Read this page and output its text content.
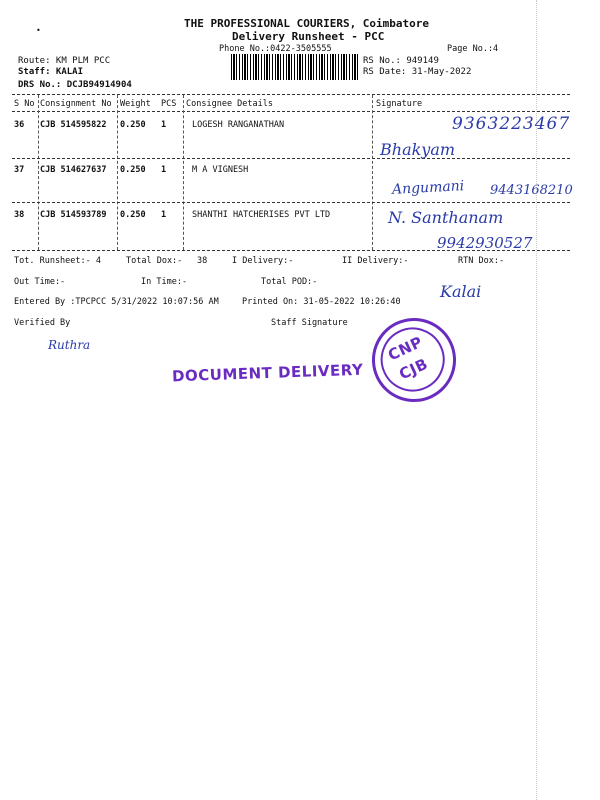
•
THE PROFESSIONAL COURIERS, Coimbatore
Delivery Runsheet - PCC
Phone No.:0422-3505555	Page No.:4
Route: KM PLM PCC
Staff: KALAI
DRS No.: DCJB94914904
RS No.: 949149
RS Date: 31-May-2022
S No Consignment No Weight PCS Consignee Details	Signature
36 CJB 514595822 0.250 1	LOGESH RANGANATHAN
37 CJB 514627637 0.250 1	M A VIGNESH
38 CJB 514593789 0.250 1	SHANTHI HATCHERISES PVT LTD
9363223467
Bhakyam
Angumani 9443168210
N. Santhanam
9942930527
Tot. Runsheet:- 4	Total Dox:- 38	I Delivery:-	II Delivery:-	RTN Dox:-
Out Time:-	In Time:-	Total POD:-
Entered By :TPCPCC 5/31/2022 10:07:56 AM	Printed On: 31-05-2022 10:26:40
Kalai
Verified By	Staff Signature
Ruthra
DOCUMENT DELIVERY
CNP
CJB
